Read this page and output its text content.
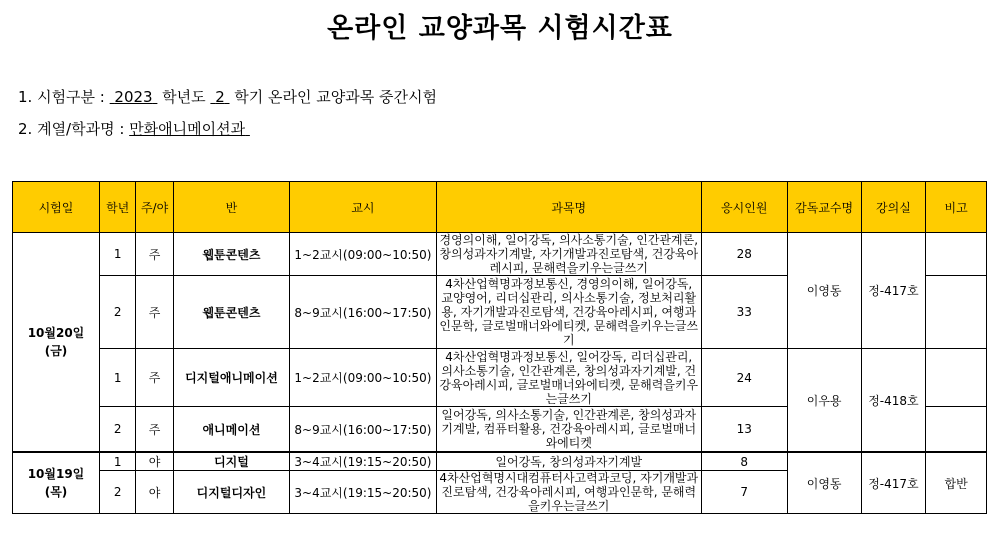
온라인 교양과목 시험시간표
1. 시험구분 :  2023  학년도  2  학기 온라인 교양과목 중간시험
2. 계열/학과명 : 만화애니메이션과
시험일	학년	주/야	반	교시	과목명	응시인원	감독교수명	강의실	비고
10월20일
(금)	1	주	웹툰콘텐츠	1~2교시(09:00~10:50)	경영의이해, 일어강독, 의사소통기술, 인간관계론, 창의성과자기계발, 자기개발과진로탐색, 건강육아레시피, 문해력을키우는글쓰기	28	이영동	정-417호	
	2	주	웹툰콘텐츠	8~9교시(16:00~17:50)	4차산업혁명과정보통신, 경영의이해, 일어강독, 교양영어, 리더십관리, 의사소통기술, 정보처리활용, 자기개발과진로탐색, 건강육아레시피, 여행과인문학, 글로벌매너와에티켓, 문해력을키우는글쓰기	33			
	1	주	디지털애니메이션	1~2교시(09:00~10:50)	4차산업혁명과정보통신, 일어강독, 리더십관리, 의사소통기술, 인간관계론, 창의성과자기계발, 건강육아레시피, 글로벌매너와에티켓, 문해력을키우는글쓰기	24	이우용	정-418호	
	2	주	애니메이션	8~9교시(16:00~17:50)	일어강독, 의사소통기술, 인간관계론, 창의성과자기계발, 컴퓨터활용, 건강육아레시피, 글로벌매너와에티켓	13			
10월19일
(목)	1	야	디지털	3~4교시(19:15~20:50)	일어강독, 창의성과자기계발	8	이영동	정-417호	합반
	2	야	디지털디자인	3~4교시(19:15~20:50)	4차산업혁명시대컴퓨터사고력과코딩, 자기개발과진로탐색, 건강육아레시피, 여행과인문학, 문해력을키우는글쓰기	7			
